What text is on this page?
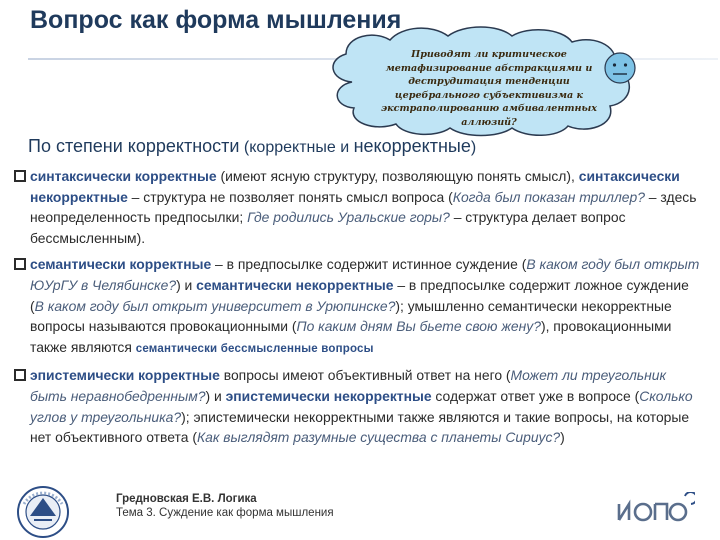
Вопрос как форма мышления
Приводят ли критическое метафизирование абстракциями и деструдитация тенденции церебрального субъективизма к экстраполированию амбивалентных аллюзий?
По степени корректности (корректные и некорректные)
синтаксически корректные (имеют ясную структуру, позволяющую понять смысл), синтаксически некорректные – структура не позволяет понять смысл вопроса (Когда был показан триллер? – здесь неопределенность предпосылки; Где родились Уральские горы? – структура делает вопрос бессмысленным).
семантически корректные – в предпосылке содержит истинное суждение (В каком году был открыт ЮУрГУ в Челябинске?) и семантически некорректные – в предпосылке содержит ложное суждение (В каком году был открыт университет в Урюпинске?); умышленно семантически некорректные вопросы называются провокационными (По каким дням Вы бьете свою жену?), провокационными также являются семантически бессмысленные вопросы
эпистемически корректные вопросы имеют объективный ответ на него (Может ли треугольник быть неравнобедренным?) и эпистемически некорректные содержат ответ уже в вопросе (Сколько углов у треугольника?); эпистемически некорректными также являются и такие вопросы, на которые нет объективного ответа (Как выглядят разумные существа с планеты Сириус?)
Гредновская Е.В. Логика
Тема 3. Суждение как форма мышления
